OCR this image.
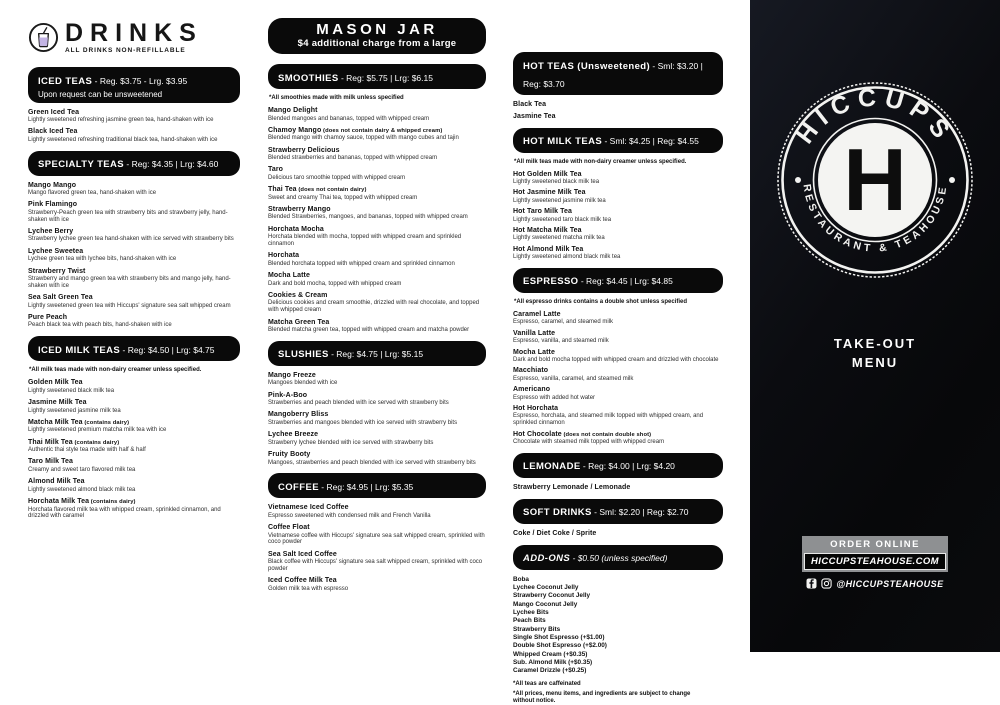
DRINKS
ALL DRINKS NON-REFILLABLE
ICED TEAS - Reg. $3.75 - Lrg. $3.95
Upon request can be unsweetened
Green Iced Tea
Lightly sweetened refreshing jasmine green tea, hand-shaken with ice
Black Iced Tea
Lightly sweetened refreshing traditional black tea, hand-shaken with ice
SPECIALTY TEAS - Reg: $4.35 | Lrg: $4.60
Mango Mango
Mango flavored green tea, hand-shaken with ice
Pink Flamingo
Strawberry-Peach green tea with strawberry bits and strawberry jelly, hand-shaken with ice
Lychee Berry
Strawberry lychee green tea hand-shaken with ice served with strawberry bits
Lychee Sweetea
Lychee green tea with lychee bits, hand-shaken with ice
Strawberry Twist
Strawberry and mango green tea with strawberry bits and mango jelly, hand-shaken with ice
Sea Salt Green Tea
Lightly sweetened green tea with Hiccups' signature sea salt whipped cream
Pure Peach
Peach black tea with peach bits, hand-shaken with ice
ICED MILK TEAS - Reg: $4.50 | Lrg: $4.75
*All milk teas made with non-dairy creamer unless specified.
Golden Milk Tea
Lightly sweetened black milk tea
Jasmine Milk Tea
Lightly sweetened jasmine milk tea
Matcha Milk Tea (contains dairy)
Lightly sweetened premium matcha milk tea with ice
Thai Milk Tea (contains dairy)
Authentic thai style tea made with half & half
Taro Milk Tea
Creamy and sweet taro flavored milk tea
Almond Milk Tea
Lightly sweetened almond black milk tea
Horchata Milk Tea (contains dairy)
Horchata flavored milk tea with whipped cream, sprinkled cinnamon, and drizzled with caramel
MASON JAR
$4 additional charge from a large
SMOOTHIES - Reg: $5.75 | Lrg: $6.15
*All smoothies made with milk unless specified
Mango Delight
Blended mangoes and bananas, topped with whipped cream
Chamoy Mango (does not contain dairy & whipped cream)
Blended mango with chamoy sauce, topped with mango cubes and tajin
Strawberry Delicious
Blended strawberries and bananas, topped with whipped cream
Taro
Delicious taro smoothie topped with whipped cream
Thai Tea (does not contain dairy)
Sweet and creamy Thai tea, topped with whipped cream
Strawberry Mango
Blended Strawberries, mangoes, and bananas, topped with whipped cream
Horchata Mocha
Horchata blended with mocha, topped with whipped cream and sprinkled cinnamon
Horchata
Blended horchata topped with whipped cream and sprinkled cinnamon
Mocha Latte
Dark and bold mocha, topped with whipped cream
Cookies & Cream
Delicious cookies and cream smoothie, drizzled with real chocolate, and topped with whipped cream
Matcha Green Tea
Blended matcha green tea, topped with whipped cream and matcha powder
SLUSHIES - Reg: $4.75 | Lrg: $5.15
Mango Freeze
Mangoes blended with ice
Pink-A-Boo
Strawberries and peach blended with ice served with strawberry bits
Mangoberry Bliss
Strawberries and mangoes blended with ice served with strawberry bits
Lychee Breeze
Strawberry lychee blended with ice served with strawberry bits
Fruity Booty
Mangoes, strawberries and peach blended with ice served with strawberry bits
COFFEE - Reg: $4.95 | Lrg: $5.35
Vietnamese Iced Coffee
Espresso sweetened with condensed milk and French Vanilla
Coffee Float
Vietnamese coffee with Hiccups' signature sea salt whipped cream, sprinkled with coco powder
Sea Salt Iced Coffee
Black coffee with Hiccups' signature sea salt whipped cream, sprinkled with coco powder
Iced Coffee Milk Tea
Golden milk tea with espresso
HOT TEAS (Unsweetened) - Sml: $3.20 | Reg: $3.70
Black Tea
Jasmine Tea
HOT MILK TEAS - Sml: $4.25 | Reg: $4.55
*All milk teas made with non-dairy creamer unless specified.
Hot Golden Milk Tea
Lightly sweetened black milk tea
Hot Jasmine Milk Tea
Lightly sweetened jasmine milk tea
Hot Taro Milk Tea
Lightly sweetened taro black milk tea
Hot Matcha Milk Tea
Lightly sweetened matcha milk tea
Hot Almond Milk Tea
Lightly sweetened almond black milk tea
ESPRESSO - Reg: $4.45 | Lrg: $4.85
*All espresso drinks contains a double shot unless specified
Caramel Latte
Espresso, caramel, and steamed milk
Vanilla Latte
Espresso, vanilla, and steamed milk
Mocha Latte
Dark and bold mocha topped with whipped cream and drizzled with chocolate
Macchiato
Espresso, vanilla, caramel, and steamed milk
Americano
Espresso with added hot water
Hot Horchata
Espresso, horchata, and steamed milk topped with whipped cream, and sprinkled cinnamon
Hot Chocolate (does not contain double shot)
Chocolate with steamed milk topped with whipped cream
LEMONADE - Reg: $4.00 | Lrg: $4.20
Strawberry Lemonade / Lemonade
SOFT DRINKS - Sml: $2.20 | Reg: $2.70
Coke / Diet Coke / Sprite
ADD-ONS - $0.50 (unless specified)
Boba
Lychee Coconut Jelly
Strawberry Coconut Jelly
Mango Coconut Jelly
Lychee Bits
Peach Bits
Strawberry Bits
Single Shot Espresso (+$1.00)
Double Shot Espresso (+$2.00)
Whipped Cream (+$0.35)
Sub. Almond Milk (+$0.35)
Caramel Drizzle (+$0.25)
*All teas are caffeinated
*All prices, menu items, and ingredients are subject to change without notice.
HICCUPS
RESTAURANT & TEAHOUSE
H
TAKE-OUT MENU
ORDER ONLINE
HICCUPSTEAHOUSE.COM
@HICCUPSTEAHOUSE
